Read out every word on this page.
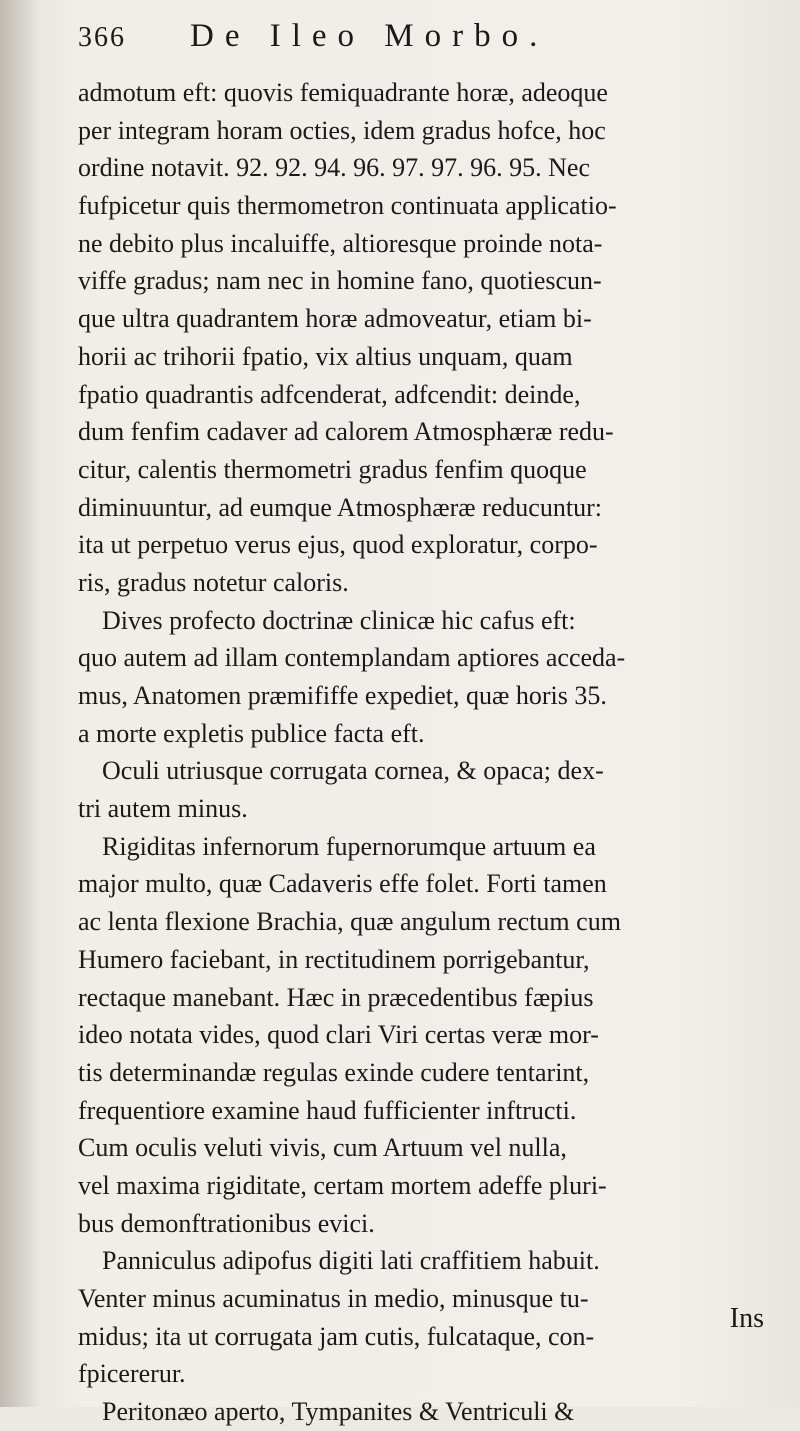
366 De Ileo Morbo.
admotum eft: quovis femiquadrante horæ, adeoque
per integram horam octies, idem gradus hofce, hoc
ordine notavit. 92. 92. 94. 96. 97. 97. 96. 95. Nec
fufpicetur quis thermometron continuata applicatio-
ne debito plus incaluiffe, altioresque proinde nota-
viffe gradus; nam nec in homine fano, quotiescun-
que ultra quadrantem horæ admoveatur, etiam bi-
horii ac trihorii fpatio, vix altius unquam, quam
fpatio quadrantis adfcenderat, adfcendit: deinde,
dum fenfim cadaver ad calorem Atmosphæræ redu-
citur, calentis thermometri gradus fenfim quoque
diminuuntur, ad eumque Atmosphæræ reducuntur:
ita ut perpetuo verus ejus, quod exploratur, corpo-
ris, gradus notetur caloris.
Dives profecto doctrinæ clinicæ hic cafus eft:
quo autem ad illam contemplandam aptiores acceda-
mus, Anatomen præmififfe expediet, quæ horis 35.
a morte expletis publice facta eft.
Oculi utriusque corrugata cornea, & opaca; dex-
tri autem minus.
Rigiditas infernorum fupernorumque artuum ea
major multo, quæ Cadaveris effe folet. Forti tamen
ac lenta flexione Brachia, quæ angulum rectum cum
Humero faciebant, in rectitudinem porrigebantur,
rectaque manebant. Hæc in præcedentibus fæpius
ideo notata vides, quod clari Viri certas veræ mor-
tis determinandæ regulas exinde cudere tentarint,
frequentiore examine haud fufficienter inftructi.
Cum oculis veluti vivis, cum Artuum vel nulla,
vel maxima rigiditate, certam mortem adeffe pluri-
bus demonftrationibus evici.
Panniculus adipofus digiti lati craffitiem habuit.
Venter minus acuminatus in medio, minusque tu-
midus; ita ut corrugata jam cutis, fulcataque, con-
fpicererur.
Peritonæo aperto, Tympanites & Ventriculi &
Ins
